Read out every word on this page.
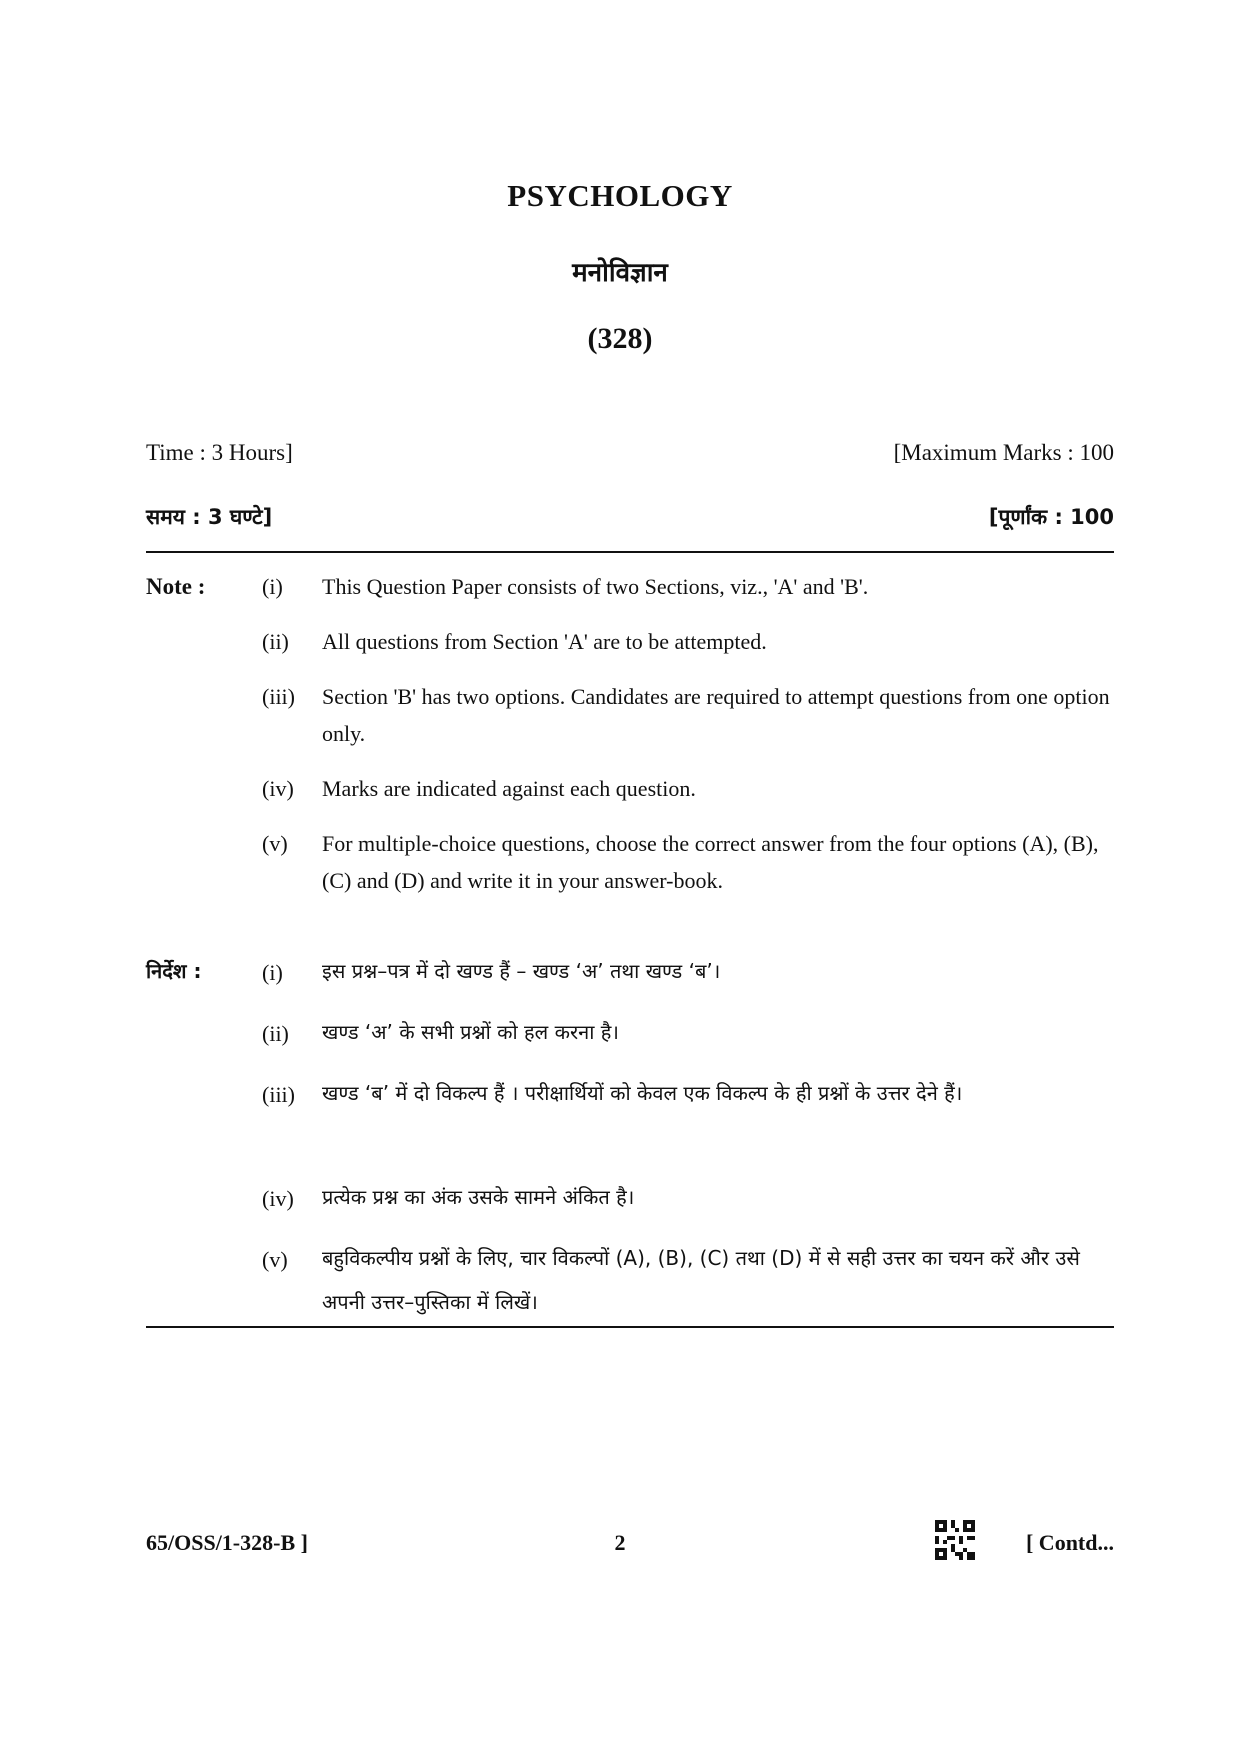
PSYCHOLOGY
मनोविज्ञान
(328)
Time : 3 Hours]	[Maximum Marks : 100
समय : 3 घण्टे]	[पूर्णांक : 100
Note :	(i) This Question Paper consists of two Sections, viz., 'A' and 'B'.
(ii) All questions from Section 'A' are to be attempted.
(iii) Section 'B' has two options. Candidates are required to attempt questions from one option only.
(iv) Marks are indicated against each question.
(v) For multiple-choice questions, choose the correct answer from the four options (A), (B), (C) and (D) and write it in your answer-book.
निर्देश :	(i) इस प्रश्न–पत्र में दो खण्ड हैं – खण्ड ‘अ’ तथा खण्ड ‘ब’।
(ii) खण्ड ‘अ’ के सभी प्रश्नों को हल करना है।
(iii) खण्ड ‘ब’ में दो विकल्प हैं । परीक्षार्थियों को केवल एक विकल्प के ही प्रश्नों के उत्तर देने हैं।
(iv) प्रत्येक प्रश्न का अंक उसके सामने अंकित है।
(v) बहुविकल्पीय प्रश्नों के लिए, चार विकल्पों (A), (B), (C) तथा (D) में से सही उत्तर का चयन करें और उसे अपनी उत्तर–पुस्तिका में लिखें।
65/OSS/1-328-B ]	2	[ Contd...
